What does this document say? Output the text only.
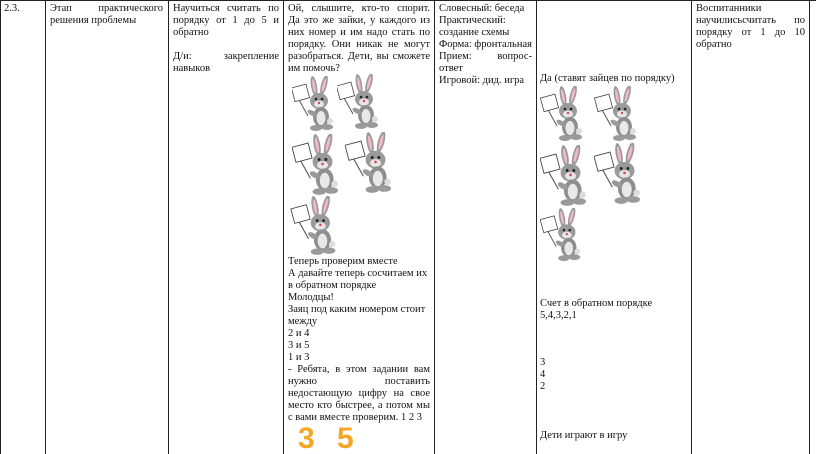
2.3.	Этап практического
решения проблемы
Научиться считать по
порядку от 1 до 5 и
обратно
Д/и: закрепление
навыков
Ой, слышите, кто-то спорит.
Да это же зайки, у каждого из
них номер и им надо стать по
порядку. Они никак не могут
разобраться. Дети, вы сможете
им помочь?
Теперь проверим вместе
А давайте теперь сосчитаем их
в обратном порядке
Молодцы!
Заяц под каким номером стоит
между
2 и 4
3 и 5
1 и 3
- Ребята, в этом задании вам
нужно поставить
недостающую цифру на свое
место кто быстрее, а потом мы
с вами вместе проверим. 1 2 3
Словесный: беседа
Практический:
создание схемы
Форма: фронтальная
Прием: вопрос-
ответ
Игровой: дид. игра	Да (ставят зайцев по порядку)
Счет в обратном порядке
5,4,3,2,1
3
4
2
Дети играют в игру
Воспитанники
научилисьсчитать по
порядку от 1 до 10
обратно
3 5
